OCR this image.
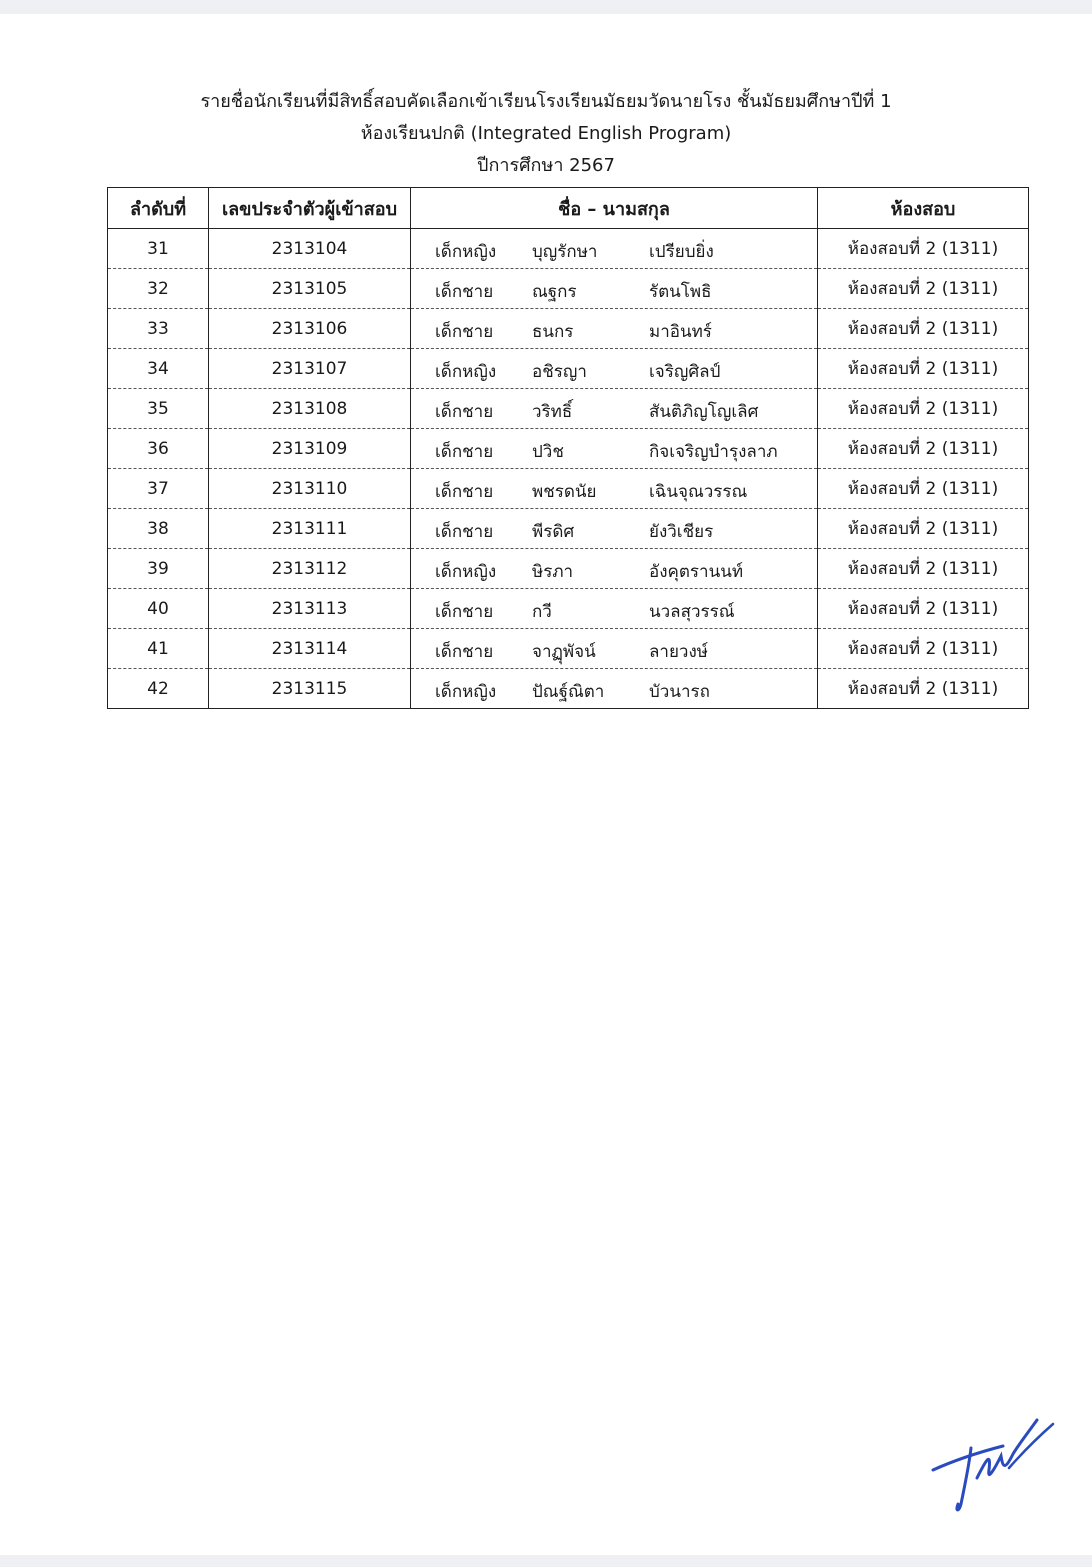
รายชื่อนักเรียนที่มีสิทธิ์สอบคัดเลือกเข้าเรียนโรงเรียนมัธยมวัดนายโรง ชั้นมัธยมศึกษาปีที่ 1
ห้องเรียนปกติ (Integrated English Program)
ปีการศึกษา 2567
ลำดับที่	เลขประจำตัวผู้เข้าสอบ	ชื่อ – นามสกุล	ห้องสอบ
31	2313104	เด็กหญิง บุญรักษา เปรียบยิ่ง	ห้องสอบที่ 2 (1311)
32	2313105	เด็กชาย ณฐกร รัตนโพธิ	ห้องสอบที่ 2 (1311)
33	2313106	เด็กชาย ธนกร มาอินทร์	ห้องสอบที่ 2 (1311)
34	2313107	เด็กหญิง อชิรญา เจริญศิลป์	ห้องสอบที่ 2 (1311)
35	2313108	เด็กชาย วริทธิ์ สันติภิญโญเลิศ	ห้องสอบที่ 2 (1311)
36	2313109	เด็กชาย ปวิช กิจเจริญบำรุงลาภ	ห้องสอบที่ 2 (1311)
37	2313110	เด็กชาย พชรดนัย เฉินจุณวรรณ	ห้องสอบที่ 2 (1311)
38	2313111	เด็กชาย พีรดิศ ยังวิเชียร	ห้องสอบที่ 2 (1311)
39	2313112	เด็กหญิง ษิรภา อังคุตรานนท์	ห้องสอบที่ 2 (1311)
40	2313113	เด็กชาย กวี นวลสุวรรณ์	ห้องสอบที่ 2 (1311)
41	2313114	เด็กชาย จาฏุพัจน์ ลายวงษ์	ห้องสอบที่ 2 (1311)
42	2313115	เด็กหญิง ปัณฐ์ณิตา บัวนารถ	ห้องสอบที่ 2 (1311)
